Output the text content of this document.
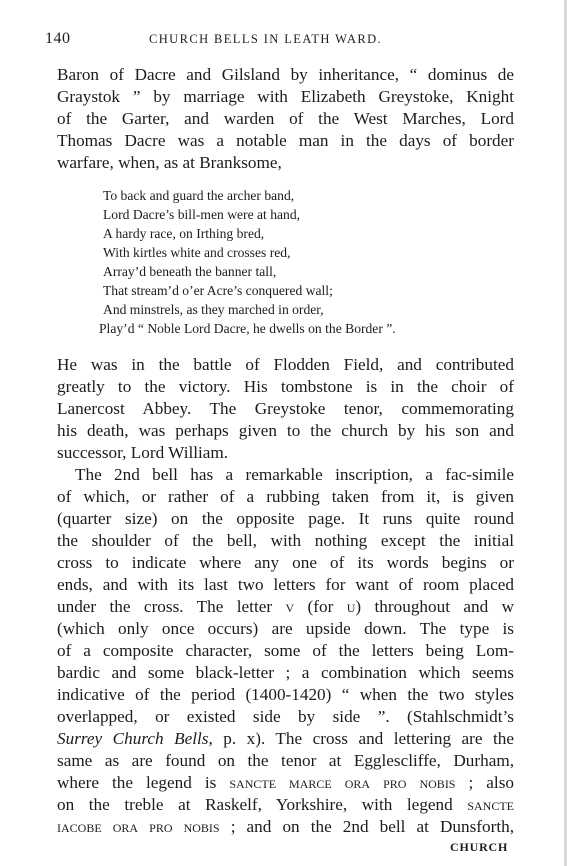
140	CHURCH BELLS IN LEATH WARD.
Baron of Dacre and Gilsland by inheritance, “ dominus de
Graystok ” by marriage with Elizabeth Greystoke, Knight
of the Garter, and warden of the West Marches, Lord
Thomas Dacre was a notable man in the days of border
warfare, when, as at Branksome,
To back and guard the archer band,
Lord Dacre’s bill-men were at hand,
A hardy race, on Irthing bred,
With kirtles white and crosses red,
Array’d beneath the banner tall,
That stream’d o’er Acre’s conquered wall;
And minstrels, as they marched in order,
Play’d “ Noble Lord Dacre, he dwells on the Border ”.
He was in the battle of Flodden Field, and contributed
greatly to the victory. His tombstone is in the choir of
Lanercost Abbey. The Greystoke tenor, commemorating
his death, was perhaps given to the church by his son and
successor, Lord William.
The 2nd bell has a remarkable inscription, a fac-simile
of which, or rather of a rubbing taken from it, is given
(quarter size) on the opposite page. It runs quite round
the shoulder of the bell, with nothing except the initial
cross to indicate where any one of its words begins or
ends, and with its last two letters for want of room placed
under the cross. The letter v (for u) throughout and w
(which only once occurs) are upside down. The type is
of a composite character, some of the letters being Lom-
bardic and some black-letter ; a combination which seems
indicative of the period (1400-1420) “ when the two styles
overlapped, or existed side by side ”. (Stahlschmidt’s
Surrey Church Bells, p. x). The cross and lettering are the
same as are found on the tenor at Egglescliffe, Durham,
where the legend is sancte marce ora pro nobis ; also
on the treble at Raskelf, Yorkshire, with legend sancte
iacobe ora pro nobis ; and on the 2nd bell at Dunsforth,
CHURCH
